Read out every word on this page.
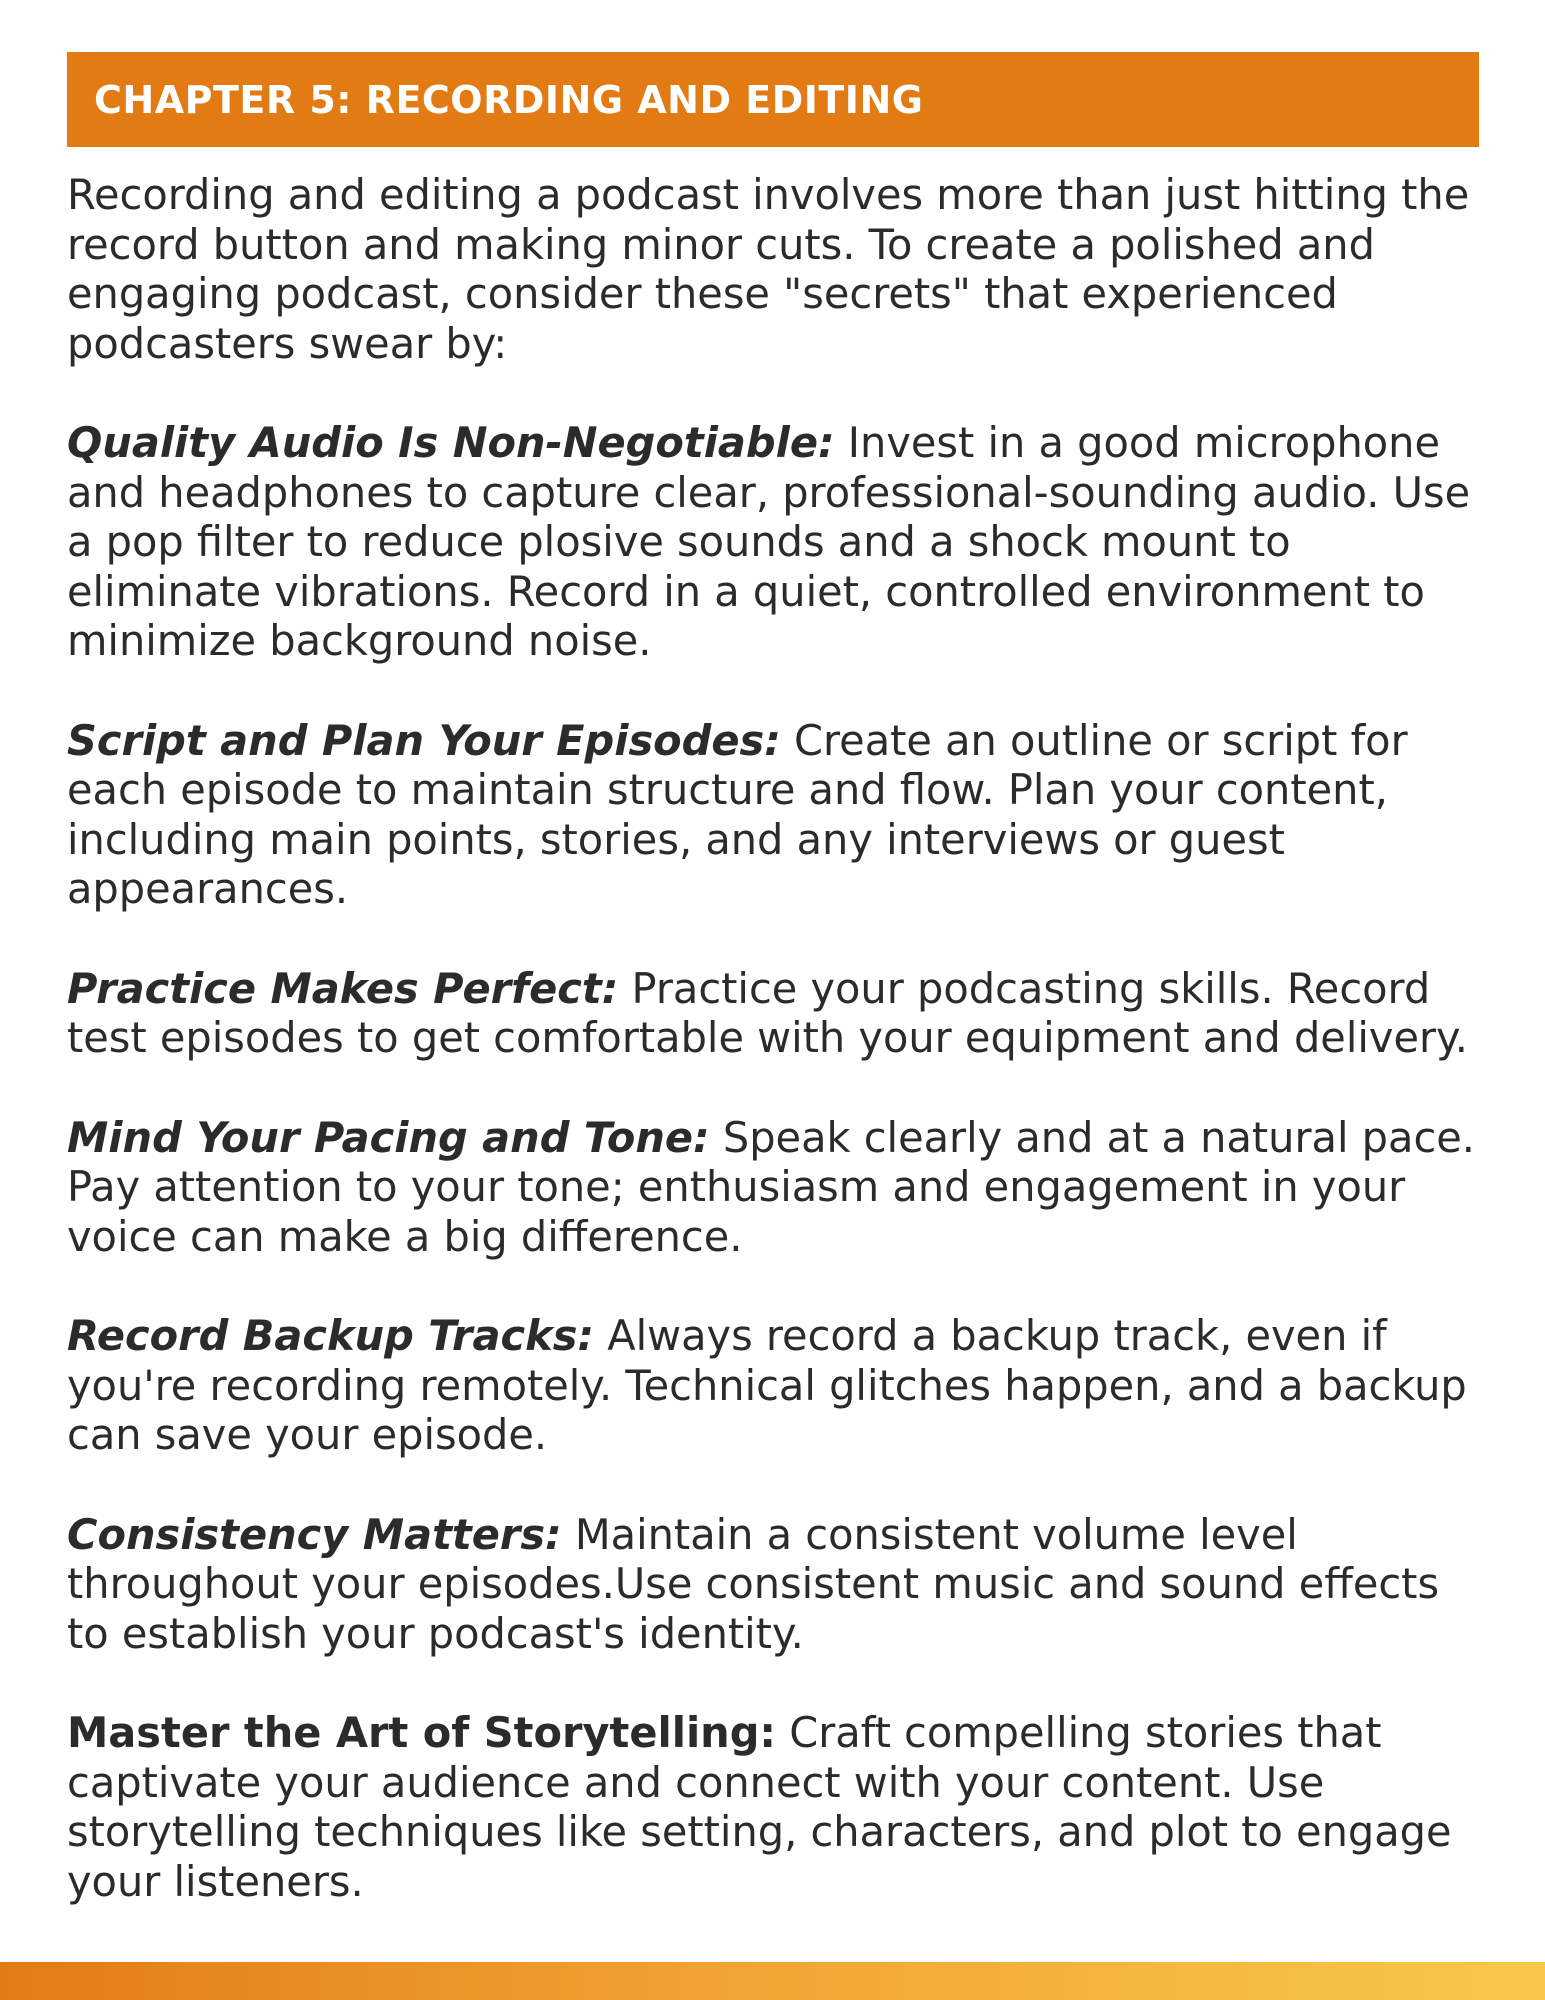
CHAPTER 5: RECORDING AND EDITING

Recording and editing a podcast involves more than just hitting the record button and making minor cuts. To create a polished and engaging podcast, consider these "secrets" that experienced podcasters swear by:

Quality Audio Is Non-Negotiable: Invest in a good microphone and headphones to capture clear, professional-sounding audio. Use a pop filter to reduce plosive sounds and a shock mount to eliminate vibrations. Record in a quiet, controlled environment to minimize background noise.

Script and Plan Your Episodes: Create an outline or script for each episode to maintain structure and flow. Plan your content, including main points, stories, and any interviews or guest appearances.

Practice Makes Perfect: Practice your podcasting skills. Record test episodes to get comfortable with your equipment and delivery.

Mind Your Pacing and Tone: Speak clearly and at a natural pace. Pay attention to your tone; enthusiasm and engagement in your voice can make a big difference.

Record Backup Tracks: Always record a backup track, even if you're recording remotely. Technical glitches happen, and a backup can save your episode.

Consistency Matters: Maintain a consistent volume level throughout your episodes.Use consistent music and sound effects to establish your podcast's identity.

Master the Art of Storytelling: Craft compelling stories that captivate your audience and connect with your content. Use storytelling techniques like setting, characters, and plot to engage your listeners.
